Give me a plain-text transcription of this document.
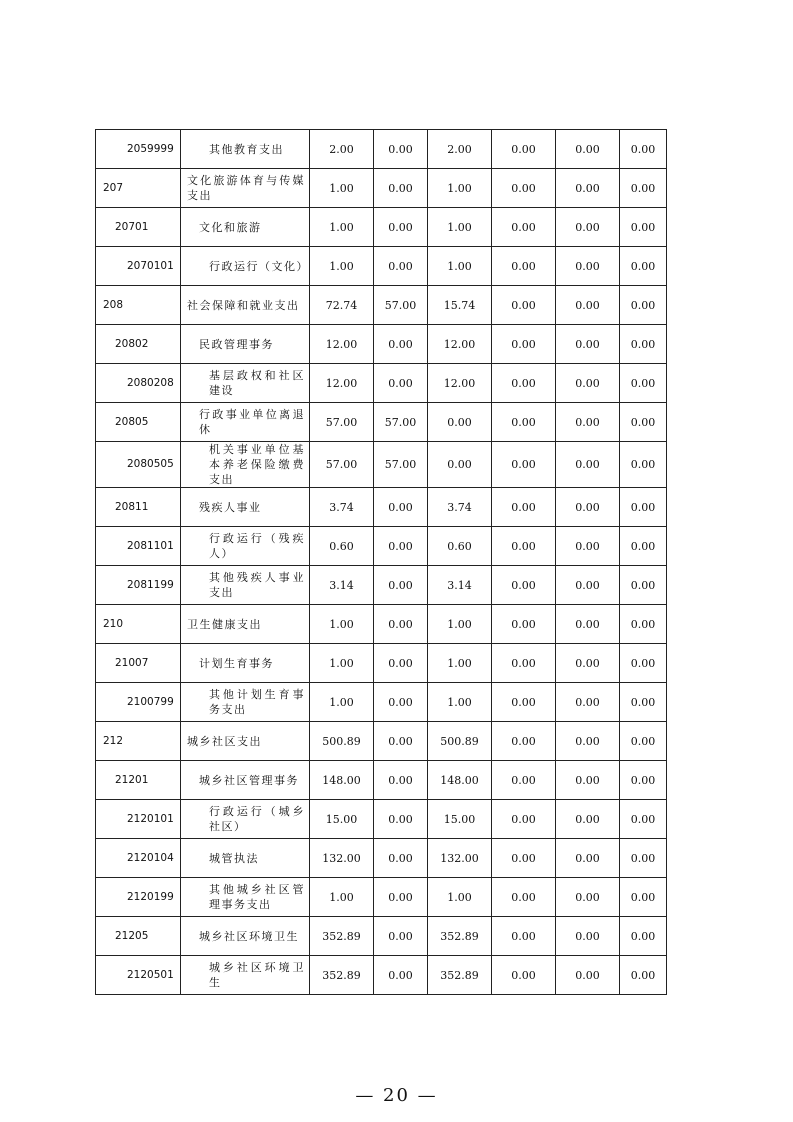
2059999	其他教育支出	2.00	0.00	2.00	0.00	0.00	0.00
207	文化旅游体育与传媒支出	1.00	0.00	1.00	0.00	0.00	0.00
20701	文化和旅游	1.00	0.00	1.00	0.00	0.00	0.00
2070101	行政运行（文化）	1.00	0.00	1.00	0.00	0.00	0.00
208	社会保障和就业支出	72.74	57.00	15.74	0.00	0.00	0.00
20802	民政管理事务	12.00	0.00	12.00	0.00	0.00	0.00
2080208	基层政权和社区建设	12.00	0.00	12.00	0.00	0.00	0.00
20805	行政事业单位离退休	57.00	57.00	0.00	0.00	0.00	0.00
2080505	机关事业单位基本养老保险缴费支出	57.00	57.00	0.00	0.00	0.00	0.00
20811	残疾人事业	3.74	0.00	3.74	0.00	0.00	0.00
2081101	行政运行（残疾人）	0.60	0.00	0.60	0.00	0.00	0.00
2081199	其他残疾人事业支出	3.14	0.00	3.14	0.00	0.00	0.00
210	卫生健康支出	1.00	0.00	1.00	0.00	0.00	0.00
21007	计划生育事务	1.00	0.00	1.00	0.00	0.00	0.00
2100799	其他计划生育事务支出	1.00	0.00	1.00	0.00	0.00	0.00
212	城乡社区支出	500.89	0.00	500.89	0.00	0.00	0.00
21201	城乡社区管理事务	148.00	0.00	148.00	0.00	0.00	0.00
2120101	行政运行（城乡社区）	15.00	0.00	15.00	0.00	0.00	0.00
2120104	城管执法	132.00	0.00	132.00	0.00	0.00	0.00
2120199	其他城乡社区管理事务支出	1.00	0.00	1.00	0.00	0.00	0.00
21205	城乡社区环境卫生	352.89	0.00	352.89	0.00	0.00	0.00
2120501	城乡社区环境卫生	352.89	0.00	352.89	0.00	0.00	0.00
— 20 —
